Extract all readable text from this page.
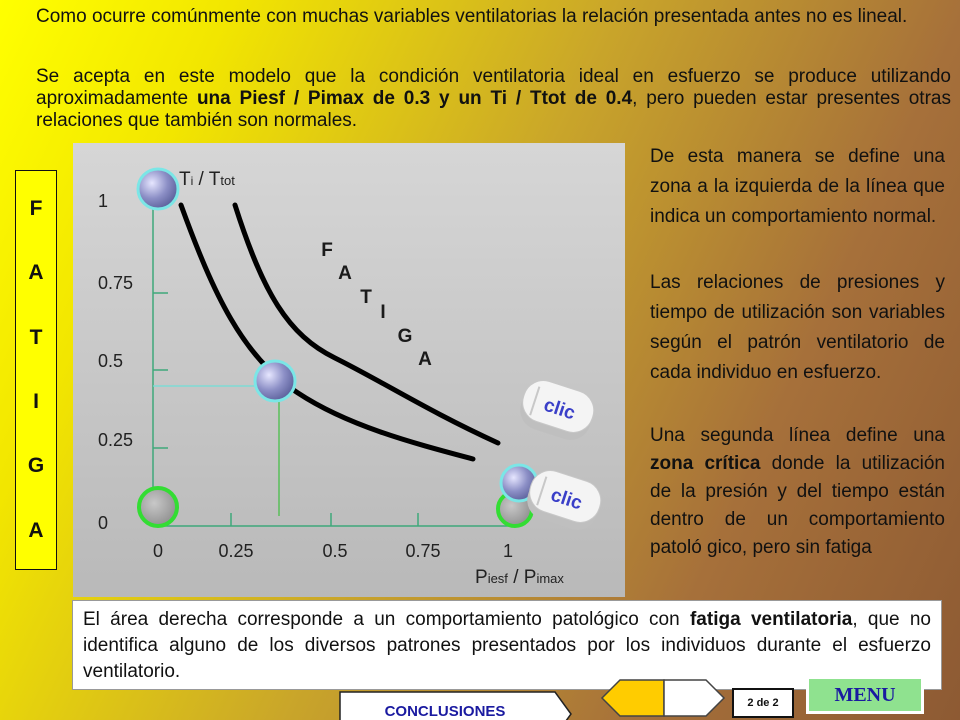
Como ocurre comúnmente con muchas variables ventilatorias la relación presentada antes no es lineal.
Se acepta en este modelo que la condición ventilatoria ideal en esfuerzo se produce utilizando aproximadamente una Piesf / Pimax de 0.3 y un Ti / Ttot de 0.4, pero pueden estar presentes otras relaciones que también son normales.
F
A
T
I
G
A
clic
clic
F
A
T
I
G
A
Ti / Ttot
Piesf / Pimax
1
0.75
0.5
0.25
0
0	0.25	0.5	0.75	1
De esta manera se define una zona a la izquierda de la línea que indica un comportamiento normal.
Las relaciones de presiones y tiempo de utilización son variables según el patrón ventilatorio de cada individuo en esfuerzo.
Una segunda línea define una zona crítica donde la utilización de la presión y del tiempo están dentro de un comportamiento patoló gico, pero sin fatiga
El área derecha corresponde a un comportamiento patológico con fatiga ventilatoria, que no identifica alguno de los diversos patrones presentados por los individuos durante el esfuerzo ventilatorio.
CONCLUSIONES	2 de 2	MENU
